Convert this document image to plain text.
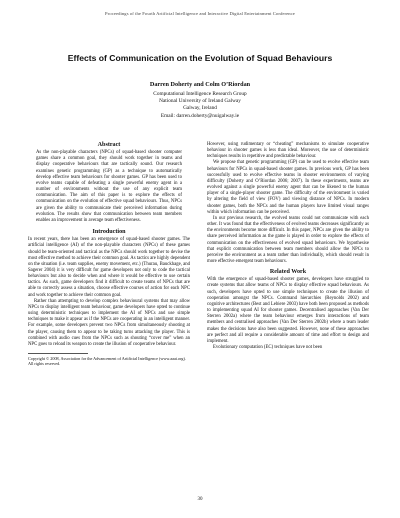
Proceedings of the Fourth Artificial Intelligence and Interactive Digital Entertainment Conference
Effects of Communication on the Evolution of Squad Behaviours
Darren Doherty and Colm O’Riordan
Computational Intelligence Research Group
National University of Ireland Galway
Galway, Ireland
Email: darren.doherty@nuigalway.ie
Abstract
As the non-playable characters (NPCs) of squad-based shooter computer games share a common goal, they should work together in teams and display cooperative behaviours that are tactically sound. Our research examines genetic programming (GP) as a technique to automatically develop effective team behaviours for shooter games. GP has been used to evolve teams capable of defeating a single powerful enemy agent in a number of environments without the use of any explicit team communication. The aim of this paper is to explore the effects of communication on the evolution of effective squad behaviours. Thus, NPCs are given the ability to communicate their perceived information during evolution. The results show that communication between team members enables an improvement in average team effectiveness.
Introduction

In recent years, there has been an emergence of squad-based shooter games. The artificial intelligence (AI) of the non-playable characters (NPCs) of these games should be team-oriented and tactical as the NPCs should work together to devise the most effective method to achieve their common goal. As tactics are highly dependent on the situation (i.e. team supplies, enemy movement, etc.) (Thurau, Bauckhage, and Sagerer 2004) it is very difficult for game developers not only to code the tactical behaviours but also to decide when and where it would be effective to use certain tactics. As such, game developers find it difficult to create teams of NPCs that are able to correctly assess a situation, choose effective courses of action for each NPC and work together to achieve their common goal.

Rather than attempting to develop complex behavioural systems that may allow NPCs to display intelligent team behaviour, game developers have opted to continue using deterministic techniques to implement the AI of NPCs and use simple techniques to make it appear as if the NPCs are cooperating in an intelligent manner. For example, some developers prevent two NPCs from simultaneously shooting at the player, causing them to appear to be taking turns attacking the player. This is combined with audio cues from the NPCs such as shouting “cover me” when an NPC goes to reload its weapon to create the illusion of cooperative behaviour.

Copyright © 2008, Association for the Advancement of Artificial Intelligence (www.aaai.org). All rights reserved.

However, using rudimentary or “cheating” mechanisms to simulate cooperative behaviour in shooter games is less than ideal. Moreover, the use of deterministic techniques results in repetitive and predictable behaviour.

We propose that genetic programming (GP) can be used to evolve effective team behaviours for NPCs in squad-based shooter games. In previous work, GP has been successfully used to evolve effective teams in shooter environments of varying difficulty (Doherty and O’Riordan 2006; 2007). In these experiments, teams are evolved against a single powerful enemy agent that can be likened to the human player of a single-player shooter game. The difficulty of the environment is varied by altering the field of view (FOV) and viewing distance of NPCs. In modern shooter games, both the NPCs and the human players have limited visual ranges within which information can be perceived.

In our previous research, the evolved teams could not communicate with each other. It was found that the effectiveness of evolved teams decreases significantly as the environments become more difficult. In this paper, NPCs are given the ability to share perceived information as the game is played in order to explore the effects of communication on the effectiveness of evolved squad behaviours. We hypothesise that explicit communication between team members should allow the NPCs to perceive the environment as a team rather than individually, which should result in more effective emergent team behaviours.

Related Work

With the emergence of squad-based shooter games, developers have struggled to create systems that allow teams of NPCs to display effective squad behaviours. As such, developers have opted to use simple techniques to create the illusion of cooperation amongst the NPCs. Command hierarchies (Reynolds 2002) and cognitive architectures (Best and Lebiere 2003) have both been proposed as methods to implementing squad AI for shooter games. Decentralised approaches (Van Der Sterren 2002a) where the team behaviour emerges from interactions of team members and centralised approaches (Van Der Sterren 2002b) where a team leader makes the decisions have also been suggested. However, none of these approaches are perfect and all require a considerable amount of time and effort to design and implement.

Evolutionary computation (EC) techniques have not been

30
